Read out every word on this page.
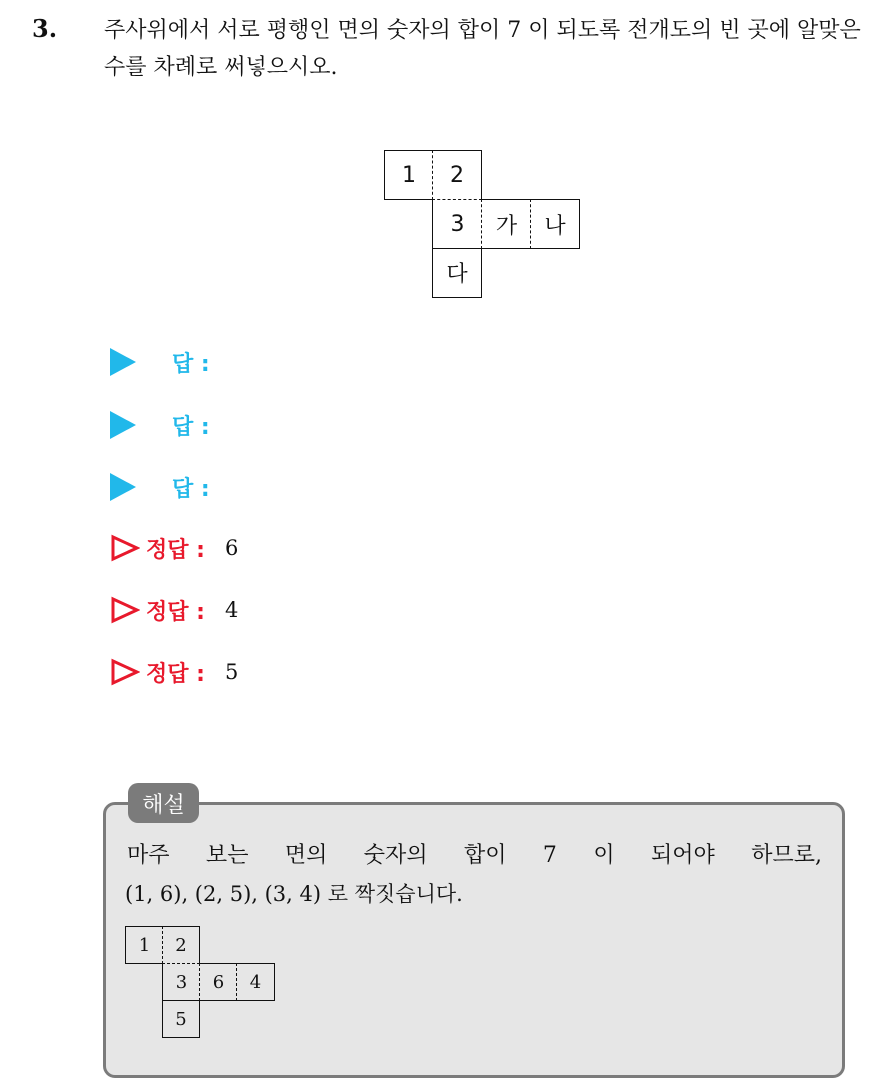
3. 주사위에서 서로 평행인 면의 숫자의 합이 7 이 되도록 전개도의 빈 곳에 알맞은 수를 차례로 써넣으시오.
1	2
3	가	나
다
답 :
답 :
답 :
정답 : 6
정답 : 4
정답 : 5
해설
마주 보는 면의 숫자의 합이 7 이 되어야 하므로,
(1, 6), (2, 5), (3, 4) 로 짝짓습니다.
1	2
3	6	4
5
